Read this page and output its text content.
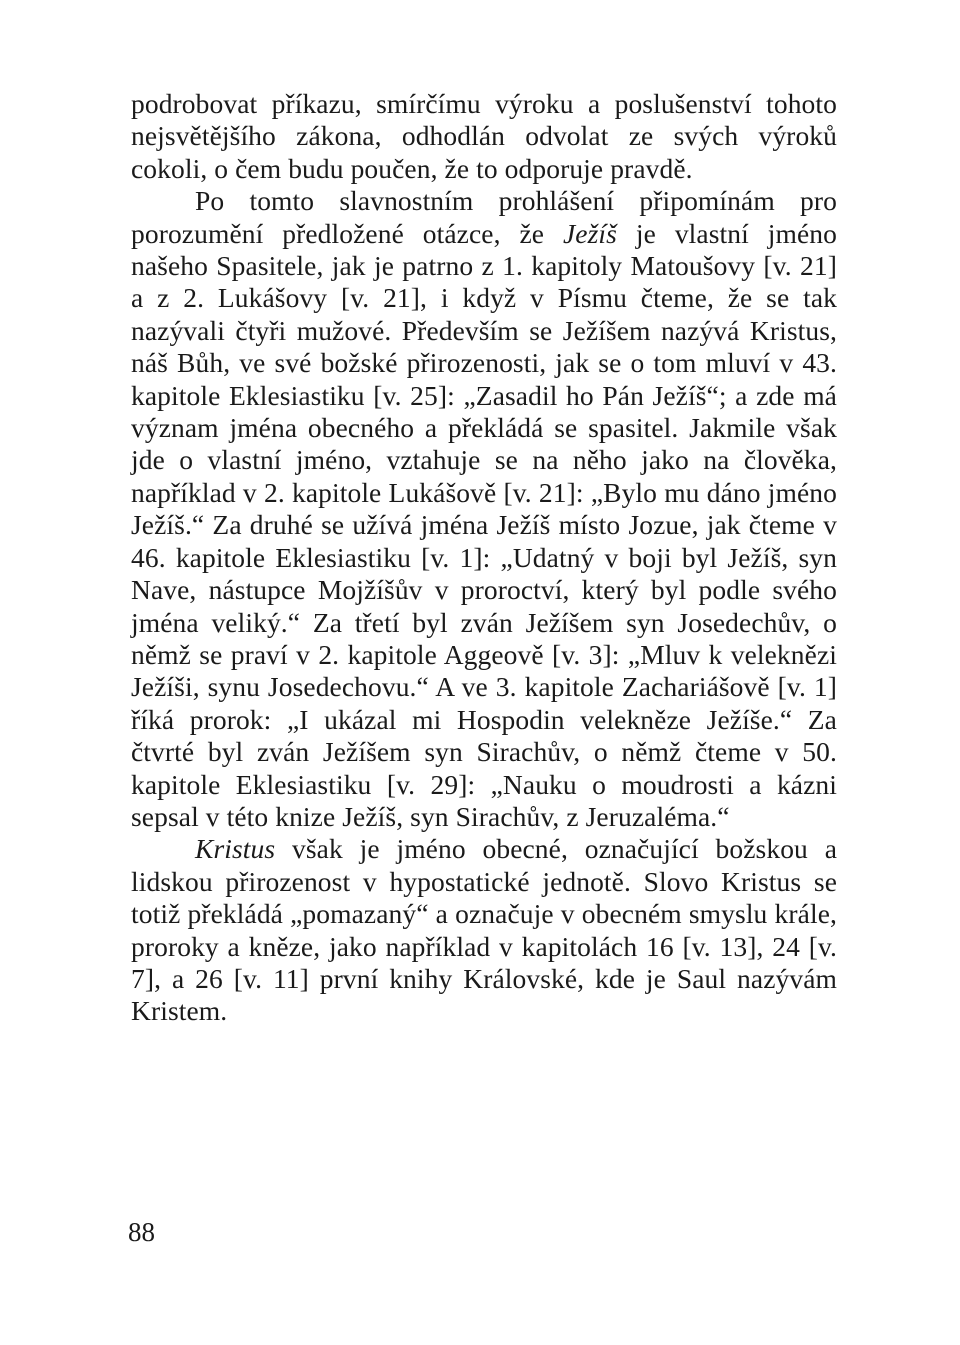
podrobovat příkazu, smírčímu výroku a poslušenství tohoto nejsvětějšího zákona, odhodlán odvolat ze svých výroků cokoli, o čem budu poučen, že to odporuje pravdě.

Po tomto slavnostním prohlášení připomínám pro porozumění předložené otázce, že Ježíš je vlastní jméno našeho Spasitele, jak je patrno z 1. kapitoly Matoušovy [v. 21] a z 2. Lukášovy [v. 21], i když v Písmu čteme, že se tak nazývali čtyři mužové. Především se Ježíšem nazývá Kristus, náš Bůh, ve své božské přirozenosti, jak se o tom mluví v 43. kapitole Eklesiastiku [v. 25]: „Zasadil ho Pán Ježíš“; a zde má význam jména obecného a překládá se spasitel. Jakmile však jde o vlastní jméno, vztahuje se na něho jako na člověka, například v 2. kapitole Lukášově [v. 21]: „Bylo mu dáno jméno Ježíš.“ Za druhé se užívá jména Ježíš místo Jozue, jak čteme v 46. kapitole Eklesiastiku [v. 1]: „Udatný v boji byl Ježíš, syn Nave, nástupce Mojžíšův v proroctví, který byl podle svého jména veliký.“ Za třetí byl zván Ježíšem syn Josedechův, o němž se praví v 2. kapitole Aggeově [v. 3]: „Mluv k veleknězi Ježíši, synu Josedechovu.“ A ve 3. kapitole Zachariášově [v. 1] říká prorok: „I ukázal mi Hospodin velekněze Ježíše.“ Za čtvrté byl zván Ježíšem syn Sirachův, o němž čteme v 50. kapitole Eklesiastiku [v. 29]: „Nauku o moudrosti a kázni sepsal v této knize Ježíš, syn Sirachův, z Jeruzaléma.“

Kristus však je jméno obecné, označující božskou a lidskou přirozenost v hypostatické jednotě. Slovo Kristus se totiž překládá „pomazaný“ a označuje v obecném smyslu krále, proroky a kněze, jako například v kapitolách 16 [v. 13], 24 [v. 7], a 26 [v. 11] první knihy Královské, kde je Saul nazývám Kristem.

88
